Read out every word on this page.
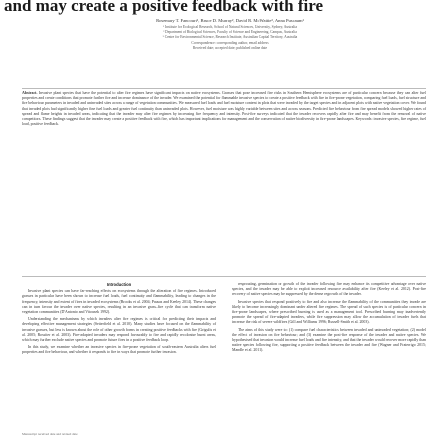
and may create a positive feedback with fire
Rosemary T. Fancourt¹, Bruce D. Murray², David R. McWattie³, Anna Puscaum¹
¹ Institute for Ecological Research, School of Natural Sciences, University, Sydney, Australia
² Department of Biological Sciences, Faculty of Science and Engineering, Campus, Australia
³ Centre for Environmental Science, Research Institute, Australian Capital Territory, Australia
Correspondence: corresponding author, email address
Received date; accepted date; published online date
Abstract. Invasive plant species that have the potential to alter fire regimes have significant impacts on native ecosystems. Grasses that pose increased fire risks in Southern Hemisphere ecosystems are of particular concern because they can alter fuel properties and create conditions that promote further fire and increase dominance of the invader. We examined the potential for flammable invasive species to create a positive feedback with fire in fire-prone vegetation, comparing fuel loads, fuel structure and fire behaviour parameters in invaded and uninvaded sites across a range of vegetation communities. We measured fuel loads and fuel moisture content in plots that were invaded by the target species and in adjacent plots with native vegetation cover. We found that invaded plots had significantly higher fine fuel loads and greater fuel continuity than uninvaded plots. However, fuel moisture was highly variable between sites and across seasons. Predicted fire behaviour from fire spread models showed higher rates of spread and flame heights in invaded areas, indicating that the invader may alter fire regimes by increasing fire frequency and intensity. Post-fire surveys indicated that the invader recovers rapidly after fire and may benefit from the removal of native competitors. These findings suggest that the invader may create a positive feedback with fire, which has important implications for management and the conservation of native biodiversity in fire-prone landscapes. Keywords: invasive species, fire regime, fuel load, positive feedback.
Introduction
Invasive plant species can have far-reaching effects on ecosystems through the alteration of fire regimes. Introduced grasses in particular have been shown to increase fuel loads, fuel continuity and flammability, leading to changes in the frequency, intensity and extent of fires in invaded ecosystems (Brooks et al. 2004; Pausas and Keeley 2014). These changes can in turn favour the invader over native species, resulting in an invasive grass–fire cycle that can transform native vegetation communities (D'Antonio and Vitousek 1992).
Understanding the mechanisms by which invaders alter fire regimes is critical for predicting their impacts and developing effective management strategies (Setterfield et al. 2010). Many studies have focused on the flammability of invasive grasses, but less is known about the role of other growth forms in creating positive feedbacks with fire (Grigulis et al. 2005; Rossiter et al. 2003). Fire-adapted invaders may respond favourably to fire and rapidly recolonise burnt areas, which may further exclude native species and promote future fires in a positive feedback loop.
In this study, we examine whether an invasive species in fire-prone vegetation of south-eastern Australia alters fuel properties and fire behaviour, and whether it responds to fire in ways that promote further invasion.
resprouting, germination or growth of the invader following fire may enhance its competitive advantage over native species, and the invader may be able to exploit increased resource availability after fire (Keeley et al. 2012). Post-fire recovery of native species may be suppressed by the dense regrowth of the invader.
Invasive species that respond positively to fire and also increase the flammability of the communities they invade are likely to become increasingly dominant under altered fire regimes. The spread of such species is of particular concern in fire-prone landscapes, where prescribed burning is used as a management tool. Prescribed burning may inadvertently promote the spread of fire-adapted invaders, while fire suppression may allow the accumulation of invader fuels that increase the risk of severe wildfires (Gill and Williams 1996; Russell-Smith et al. 2003).
The aims of this study were to: (1) compare fuel characteristics between invaded and uninvaded vegetation; (2) model the effect of invasion on fire behaviour; and (3) examine the post-fire response of the invader and native species. We hypothesised that invasion would increase fuel loads and fire intensity, and that the invader would recover more rapidly than native species following fire, supporting a positive feedback between the invader and fire (Wagner and Fraterrigo 2015; Mandle et al. 2011).
Manuscript received date and revised date
